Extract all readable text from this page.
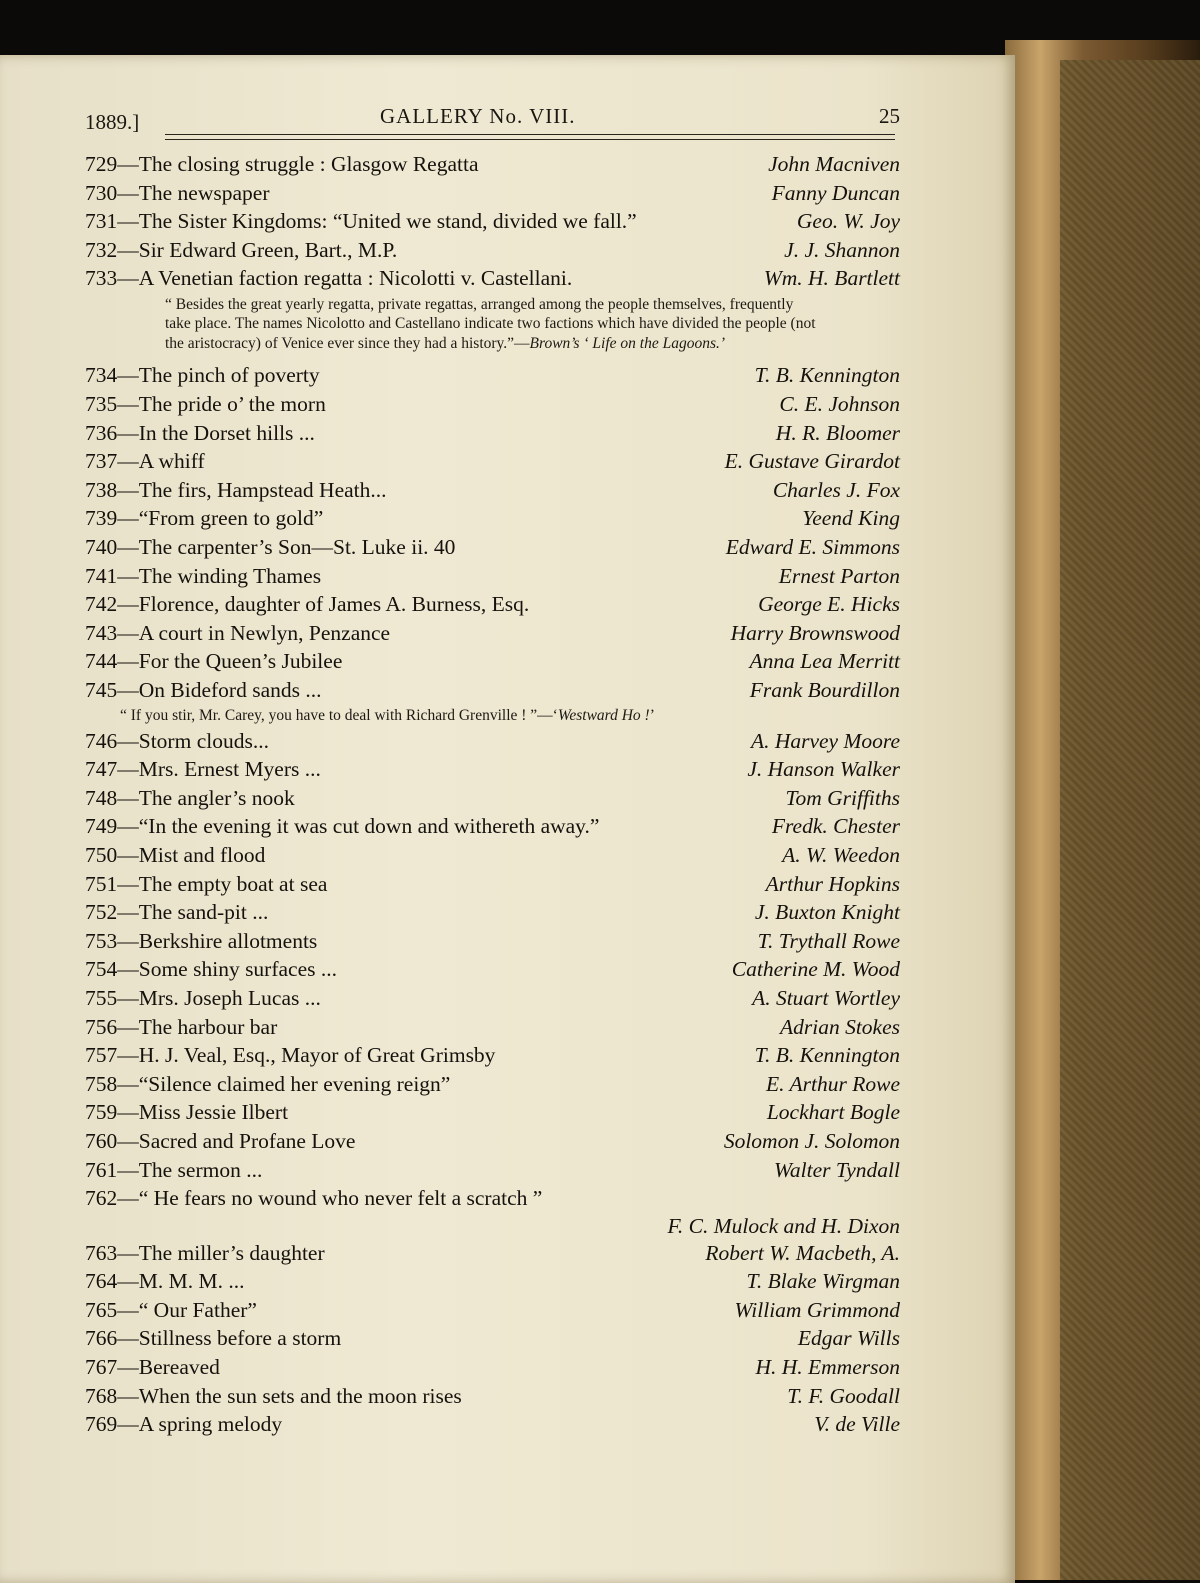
1889.]	GALLERY No. VIII.	25
729—The closing struggle : Glasgow Regatta	John Macniven
730—The newspaper	Fanny Duncan
731—The Sister Kingdoms: “United we stand, divided we fall.”	Geo. W. Joy
732—Sir Edward Green, Bart., M.P.	J. J. Shannon
733—A Venetian faction regatta : Nicolotti v. Castellani.	Wm. H. Bartlett
“ Besides the great yearly regatta, private regattas, arranged among the people themselves, frequently take place. The names Nicolotto and Castellano indicate two factions which have divided the people (not the aristocracy) of Venice ever since they had a history.”—Brown’s ‘ Life on the Lagoons.’
734—The pinch of poverty	T. B. Kennington
735—The pride o’ the morn	C. E. Johnson
736—In the Dorset hills ...	H. R. Bloomer
737—A whiff	E. Gustave Girardot
738—The firs, Hampstead Heath...	Charles J. Fox
739—“From green to gold”	Yeend King
740—The carpenter’s Son—St. Luke ii. 40	Edward E. Simmons
741—The winding Thames	Ernest Parton
742—Florence, daughter of James A. Burness, Esq.	George E. Hicks
743—A court in Newlyn, Penzance	Harry Brownswood
744—For the Queen’s Jubilee	Anna Lea Merritt
745—On Bideford sands ...	Frank Bourdillon
“ If you stir, Mr. Carey, you have to deal with Richard Grenville ! ”—‘Westward Ho !’
746—Storm clouds...	A. Harvey Moore
747—Mrs. Ernest Myers ...	J. Hanson Walker
748—The angler’s nook	Tom Griffiths
749—“In the evening it was cut down and withereth away.”	Fredk. Chester
750—Mist and flood	A. W. Weedon
751—The empty boat at sea	Arthur Hopkins
752—The sand-pit ...	J. Buxton Knight
753—Berkshire allotments	T. Trythall Rowe
754—Some shiny surfaces ...	Catherine M. Wood
755—Mrs. Joseph Lucas ...	A. Stuart Wortley
756—The harbour bar	Adrian Stokes
757—H. J. Veal, Esq., Mayor of Great Grimsby	T. B. Kennington
758—“Silence claimed her evening reign”	E. Arthur Rowe
759—Miss Jessie Ilbert	Lockhart Bogle
760—Sacred and Profane Love	Solomon J. Solomon
761—The sermon ...	Walter Tyndall
762—“ He fears no wound who never felt a scratch ”
F. C. Mulock and H. Dixon
763—The miller’s daughter	Robert W. Macbeth, A.
764—M. M. M. ...	T. Blake Wirgman
765—“ Our Father”	William Grimmond
766—Stillness before a storm	Edgar Wills
767—Bereaved	H. H. Emmerson
768—When the sun sets and the moon rises	T. F. Goodall
769—A spring melody	V. de Ville
